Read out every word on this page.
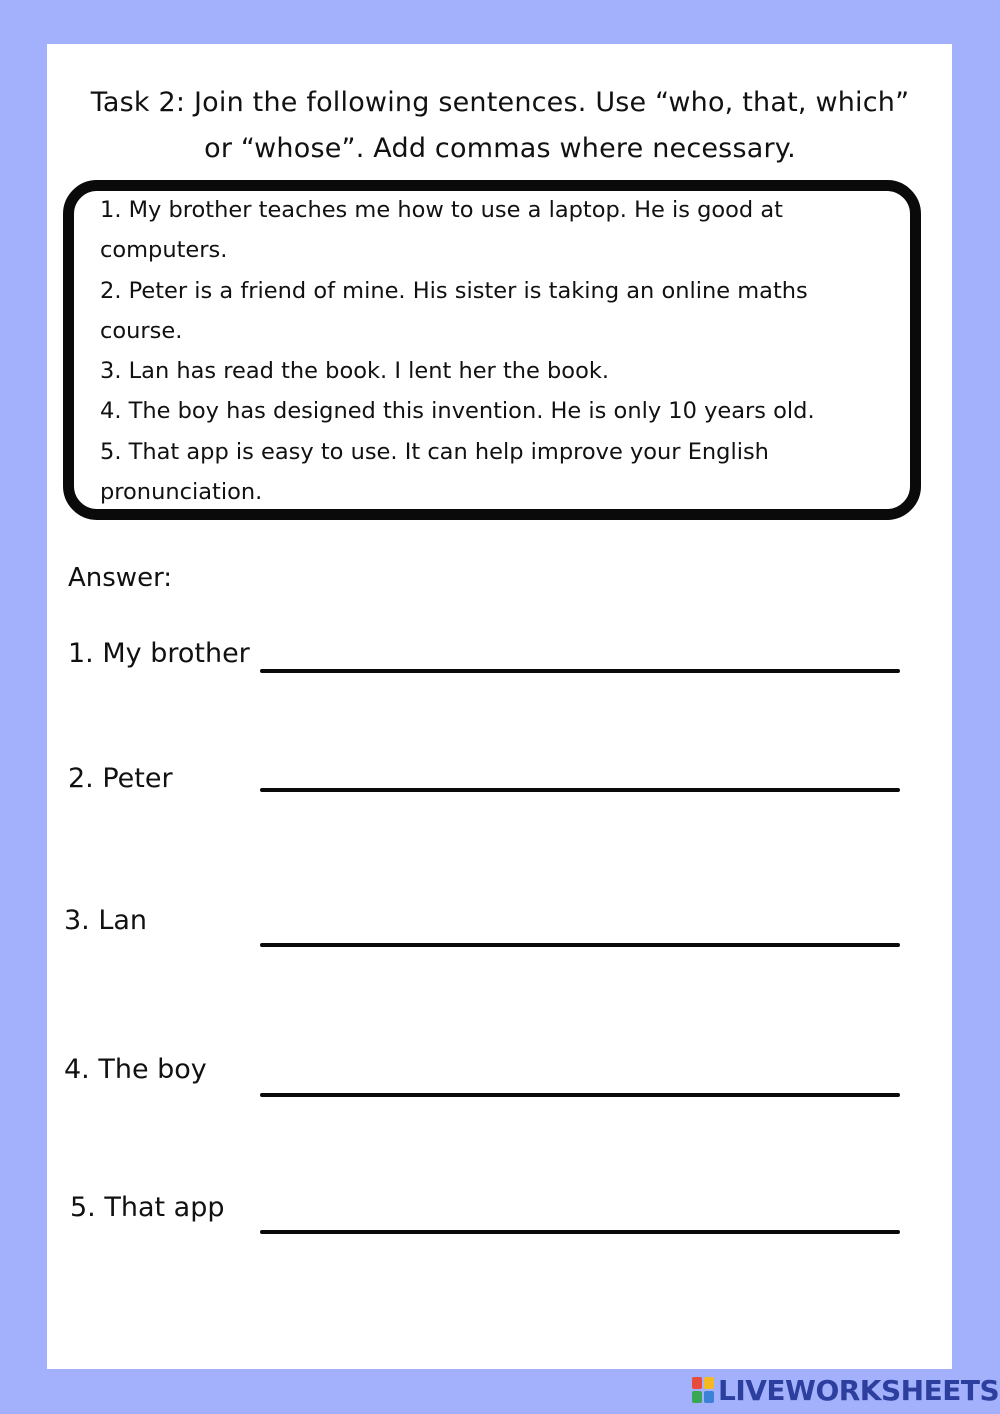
Task 2: Join the following sentences. Use “who, that, which”
or “whose”. Add commas where necessary.
1. My brother teaches me how to use a laptop. He is good at
computers.
2. Peter is a friend of mine. His sister is taking an online maths
course.
3. Lan has read the book. I lent her the book.
4. The boy has designed this invention. He is only 10 years old.
5. That app is easy to use. It can help improve your English
pronunciation.
Answer:
1. My brother
2. Peter
3. Lan
4. The boy
5. That app
LIVEWORKSHEETS
